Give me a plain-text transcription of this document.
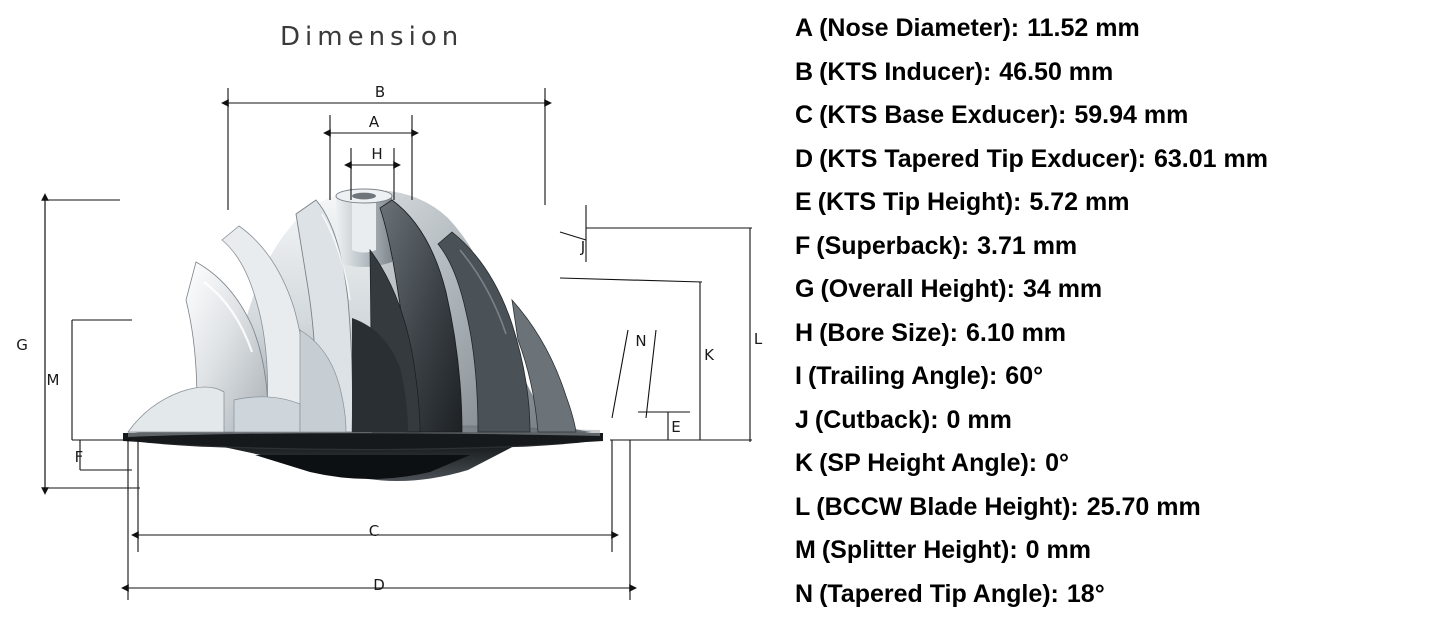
Dimension
B
A
H
G
M
F
E
L
K
J
N
C
D
A (Nose Diameter): 11.52 mm
B (KTS Inducer): 46.50 mm
C (KTS Base Exducer): 59.94 mm
D (KTS Tapered Tip Exducer): 63.01 mm
E (KTS Tip Height): 5.72 mm
F (Superback): 3.71 mm
G (Overall Height): 34 mm
H (Bore Size): 6.10 mm
I (Trailing Angle): 60°
J (Cutback): 0 mm
K (SP Height Angle): 0°
L (BCCW Blade Height): 25.70 mm
M (Splitter Height): 0 mm
N (Tapered Tip Angle): 18°
